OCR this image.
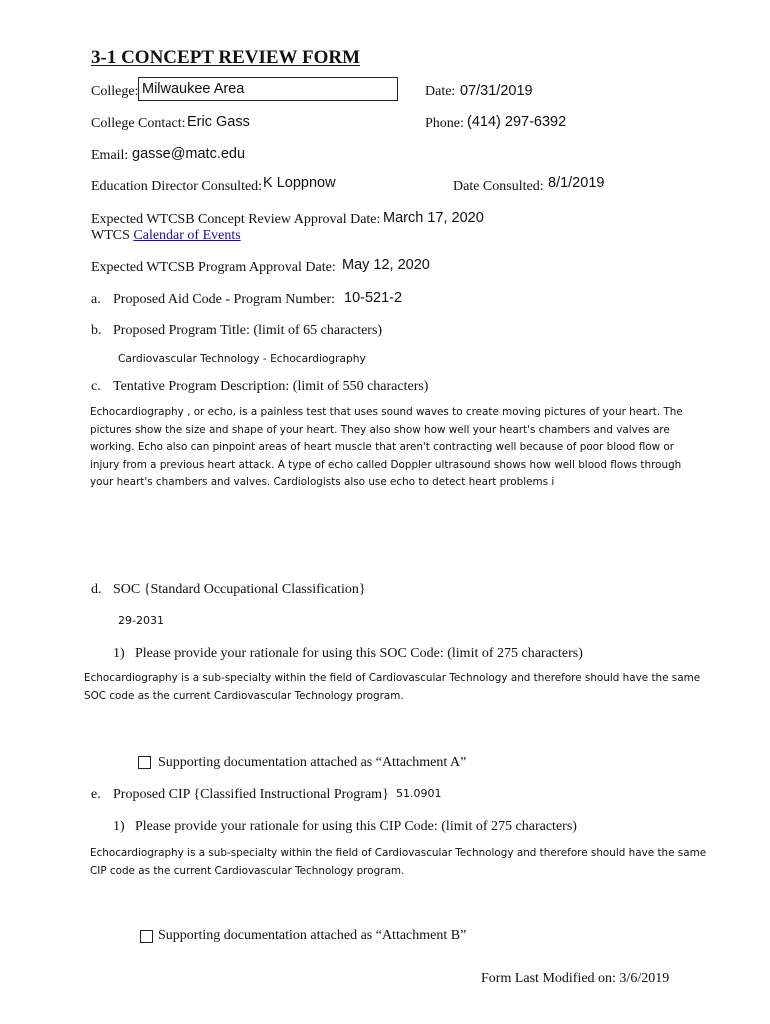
3-1 CONCEPT REVIEW FORM
College: Milwaukee Area	Date: 07/31/2019
College Contact: Eric Gass	Phone: (414) 297-6392
Email: gasse@matc.edu
Education Director Consulted: K Loppnow	Date Consulted: 8/1/2019
Expected WTCSB Concept Review Approval Date: March 17, 2020
WTCS Calendar of Events
Expected WTCSB Program Approval Date: May 12, 2020
a. Proposed Aid Code - Program Number: 10-521-2
b. Proposed Program Title: (limit of 65 characters)
Cardiovascular Technology - Echocardiography
c. Tentative Program Description: (limit of 550 characters)
Echocardiography , or echo, is a painless test that uses sound waves to create moving pictures of your heart. The pictures show the size and shape of your heart. They also show how well your heart's chambers and valves are working. Echo also can pinpoint areas of heart muscle that aren't contracting well because of poor blood flow or injury from a previous heart attack. A type of echo called Doppler ultrasound shows how well blood flows through your heart's chambers and valves. Cardiologists also use echo to detect heart problems i
d. SOC {Standard Occupational Classification}
29-2031
1) Please provide your rationale for using this SOC Code: (limit of 275 characters)
Echocardiography is a sub-specialty within the field of Cardiovascular Technology and therefore should have the same SOC code as the current Cardiovascular Technology program.
Supporting documentation attached as “Attachment A”
e. Proposed CIP {Classified Instructional Program} 51.0901
1) Please provide your rationale for using this CIP Code: (limit of 275 characters)
Echocardiography is a sub-specialty within the field of Cardiovascular Technology and therefore should have the same CIP code as the current Cardiovascular Technology program.
Supporting documentation attached as “Attachment B”
Form Last Modified on: 3/6/2019
